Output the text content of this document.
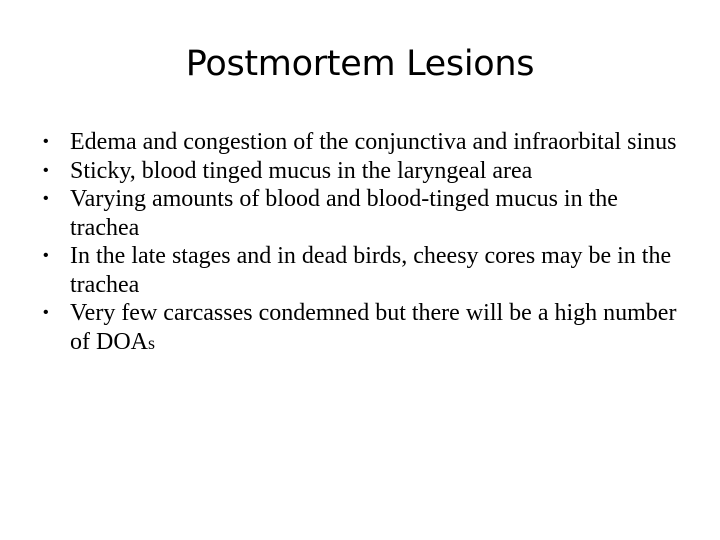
Postmortem Lesions
• Edema and congestion of the conjunctiva and infraorbital sinus
• Sticky, blood tinged mucus in the laryngeal area
• Varying amounts of blood and blood-tinged mucus in the trachea
• In the late stages and in dead birds, cheesy cores may be in the trachea
• Very few carcasses condemned but there will be a high number of DOAs
